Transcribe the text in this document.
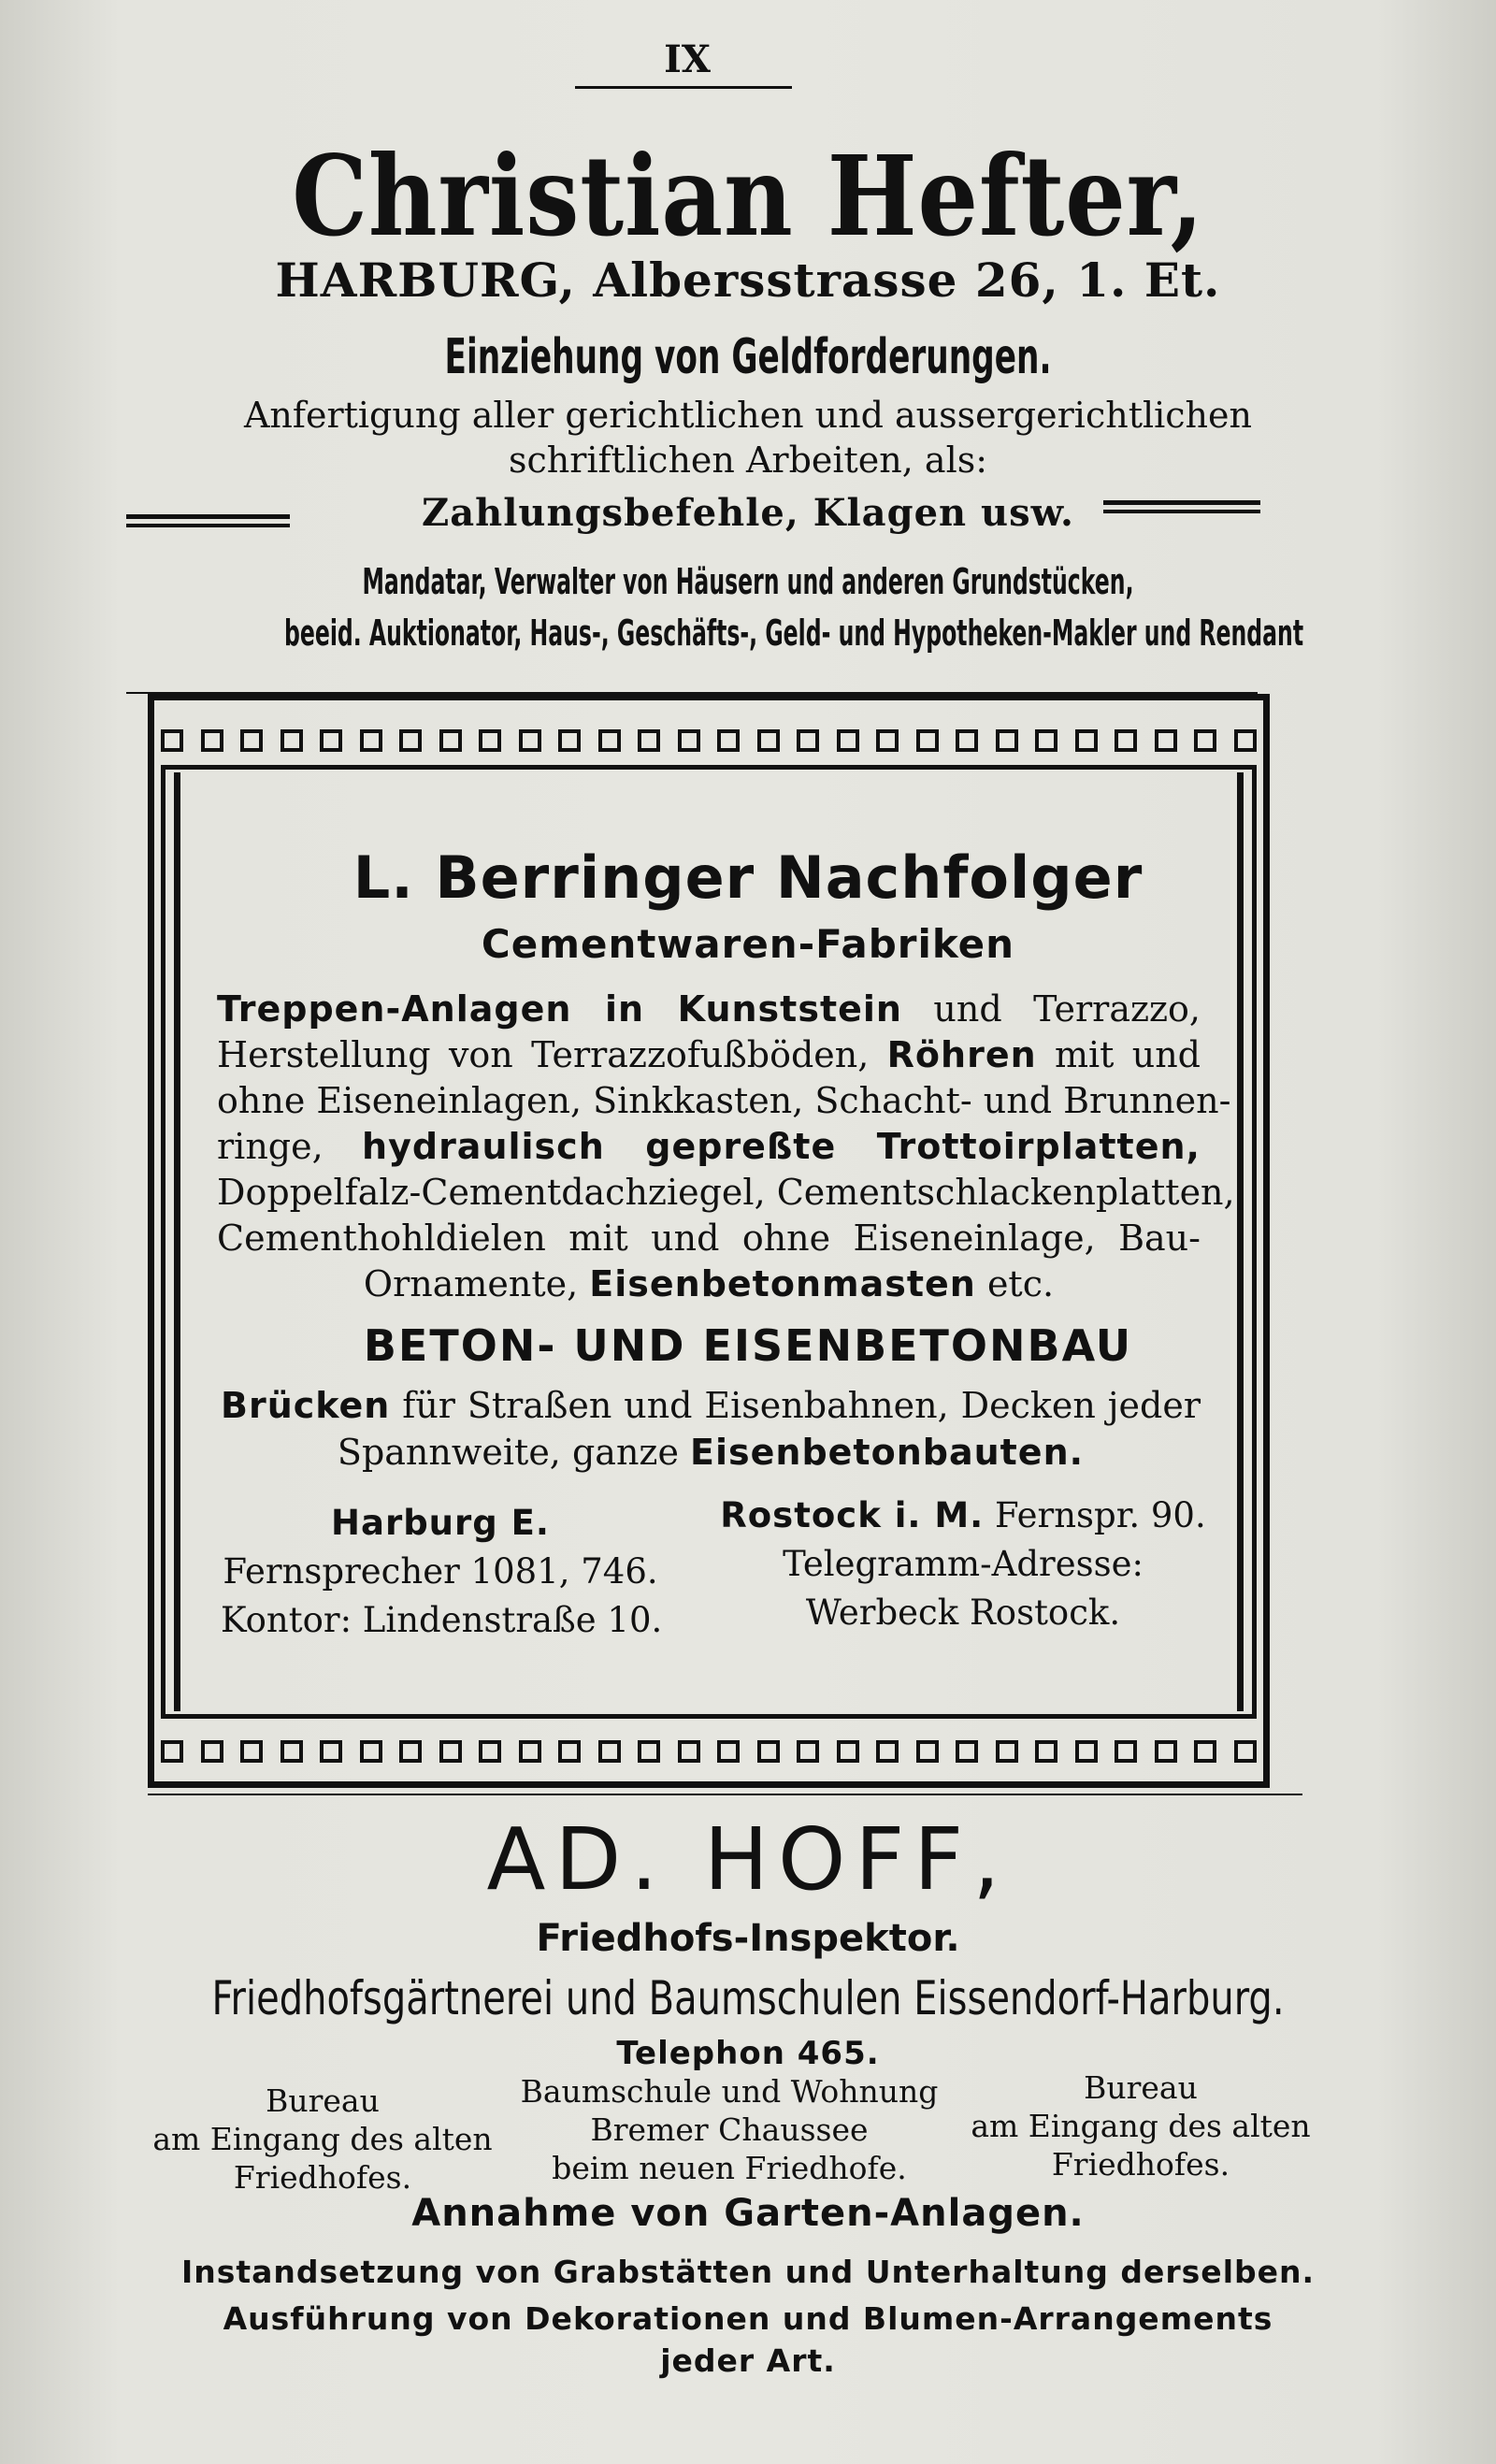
IX
Christian Hefter,
HARBURG, Albersstrasse 26, 1. Et.
Einziehung von Geldforderungen.
Anfertigung aller gerichtlichen und aussergerichtlichen
schriftlichen Arbeiten, als:
Zahlungsbefehle, Klagen usw.
Mandatar, Verwalter von Häusern und anderen Grundstücken,
beeid. Auktionator, Haus-, Geschäfts-, Geld- und Hypotheken-Makler und Rendant
L. Berringer Nachfolger
Cementwaren-Fabriken
Treppen-Anlagen in Kunststein und Terrazzo,
Herstellung von Terrazzofußböden, Röhren mit und
ohne Eiseneinlagen, Sinkkasten, Schacht- und Brunnen-
ringe, hydraulisch gepreßte Trottoirplatten,
Doppelfalz-Cementdachziegel, Cementschlackenplatten,
Cementhohldielen mit und ohne Eiseneinlage, Bau-
Ornamente, Eisenbetonmasten etc.
BETON- UND EISENBETONBAU
Brücken für Straßen und Eisenbahnen, Decken jeder
Spannweite, ganze Eisenbetonbauten.
Harburg E.
Fernsprecher 1081, 746.
Kontor: Lindenstraße 10.
Rostock i. M. Fernspr. 90.
Telegramm-Adresse:
Werbeck Rostock.
AD. HOFF,
Friedhofs-Inspektor.
Friedhofsgärtnerei und Baumschulen Eissendorf-Harburg.
Telephon 465.
Bureau
am Eingang des alten
Friedhofes.
Baumschule und Wohnung
Bremer Chaussee
beim neuen Friedhofe.
Bureau
am Eingang des alten
Friedhofes.
Annahme von Garten-Anlagen.
Instandsetzung von Grabstätten und Unterhaltung derselben.
Ausführung von Dekorationen und Blumen-Arrangements
jeder Art.
